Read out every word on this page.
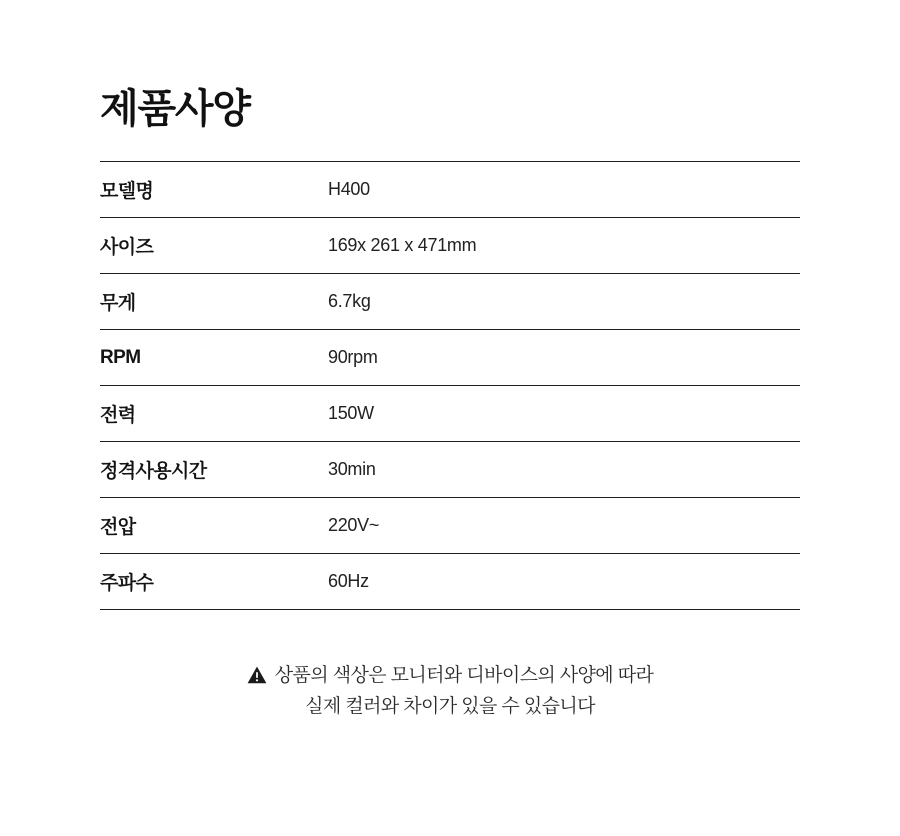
제품사양
모델명	H400
사이즈	169x 261 x 471mm
무게	6.7kg
RPM	90rpm
전력	150W
정격사용시간	30min
전압	220V~
주파수	60Hz
상품의 색상은 모니터와 디바이스의 사양에 따라
실제 컬러와 차이가 있을 수 있습니다
